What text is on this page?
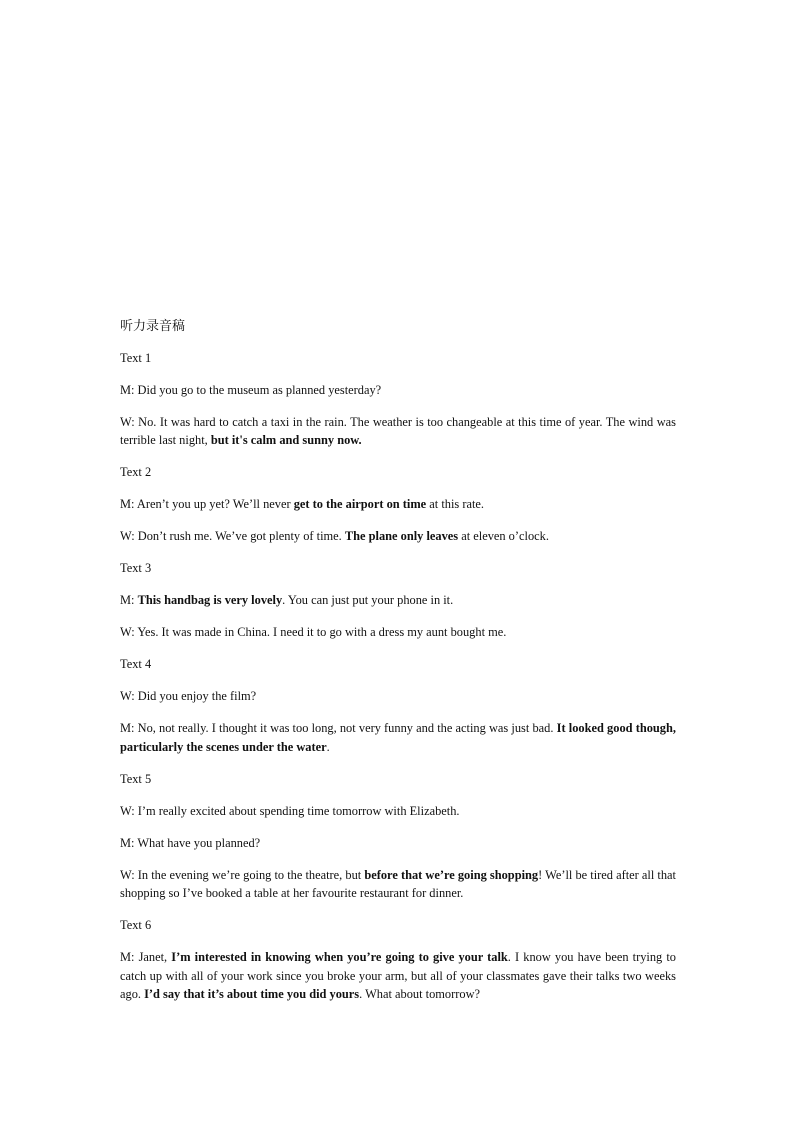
听力录音稿

Text 1

M: Did you go to the museum as planned yesterday?

W: No. It was hard to catch a taxi in the rain. The weather is too changeable at this time of year. The wind was terrible last night, but it's calm and sunny now.

Text 2

M: Aren’t you up yet? We’ll never get to the airport on time at this rate.

W: Don’t rush me. We’ve got plenty of time. The plane only leaves at eleven o’clock.

Text 3

M: This handbag is very lovely. You can just put your phone in it.

W: Yes. It was made in China. I need it to go with a dress my aunt bought me.

Text 4

W: Did you enjoy the film?

M: No, not really. I thought it was too long, not very funny and the acting was just bad. It looked good though, particularly the scenes under the water.

Text 5

W: I’m really excited about spending time tomorrow with Elizabeth.

M: What have you planned?

W: In the evening we’re going to the theatre, but before that we’re going shopping! We’ll be tired after all that shopping so I’ve booked a table at her favourite restaurant for dinner.

Text 6

M: Janet, I’m interested in knowing when you’re going to give your talk. I know you have been trying to catch up with all of your work since you broke your arm, but all of your classmates gave their talks two weeks ago. I’d say that it’s about time you did yours. What about tomorrow?
